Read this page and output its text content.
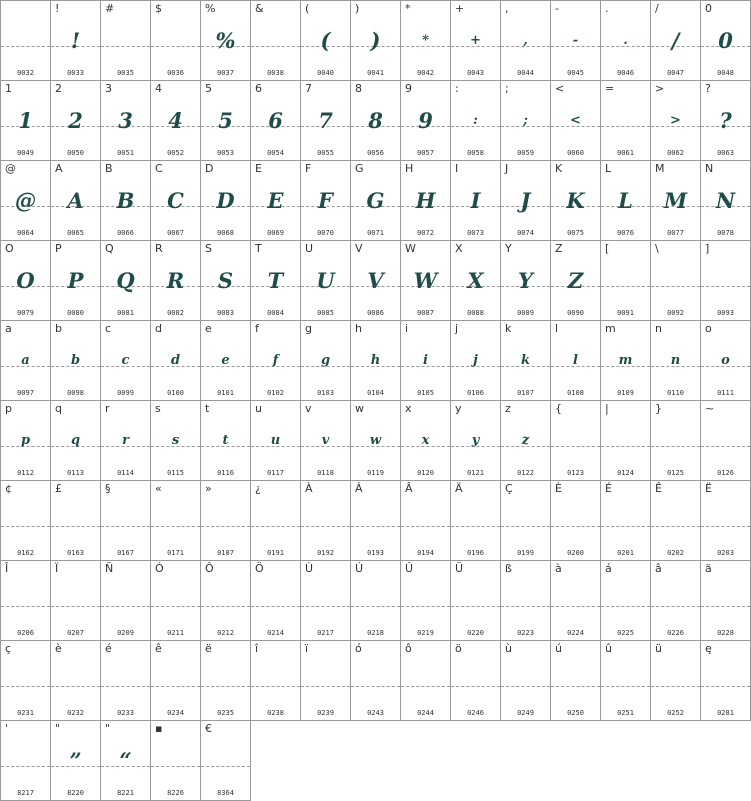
0032
!
!
0033
#
0035
$
0036
%
%
0037
&
0038
(
(
0040
)
)
0041
*
*
0042
+
+
0043
,
,
0044
-
-
0045
.
.
0046
/
/
0047
0
0
0048
1
1
0049
2
2
0050
3
3
0051
4
4
0052
5
5
0053
6
6
0054
7
7
0055
8
8
0056
9
9
0057
:
:
0058
;
;
0059
<
<
0060
=
0061
>
>
0062
?
?
0063
@
@
0064
A
A
0065
B
B
0066
C
C
0067
D
D
0068
E
E
0069
F
F
0070
G
G
0071
H
H
0072
I
I
0073
J
J
0074
K
K
0075
L
L
0076
M
M
0077
N
N
0078
O
O
0079
P
P
0080
Q
Q
0081
R
R
0082
S
S
0083
T
T
0084
U
U
0085
V
V
0086
W
W
0087
X
X
0088
Y
Y
0089
Z
Z
0090
[
0091
\
0092
]
0093
a
a
0097
b
b
0098
c
c
0099
d
d
0100
e
e
0101
f
f
0102
g
g
0103
h
h
0104
i
i
0105
j
j
0106
k
k
0107
l
l
0108
m
m
0109
n
n
0110
o
o
0111
p
p
0112
q
q
0113
r
r
0114
s
s
0115
t
t
0116
u
u
0117
v
v
0118
w
w
0119
x
x
0120
y
y
0121
z
z
0122
{
0123
|
0124
}
0125
~
0126
¢
0162
£
0163
§
0167
«
0171
»
0187
¿
0191
À
0192
Á
0193
Â
0194
Ä
0196
Ç
0199
È
0200
É
0201
Ê
0202
Ë
0203
Î
0206
Ï
0207
Ñ
0209
Ó
0211
Ô
0212
Ö
0214
Ù
0217
Ú
0218
Û
0219
Ü
0220
ß
0223
à
0224
á
0225
â
0226
ä
0228
ç
0231
è
0232
é
0233
ê
0234
ë
0235
î
0238
ï
0239
ó
0243
ô
0244
ö
0246
ù
0249
ú
0250
û
0251
ü
0252
ę
0281
'
8217
"
”
8220
"
“
8221
▪
8226
€
8364
